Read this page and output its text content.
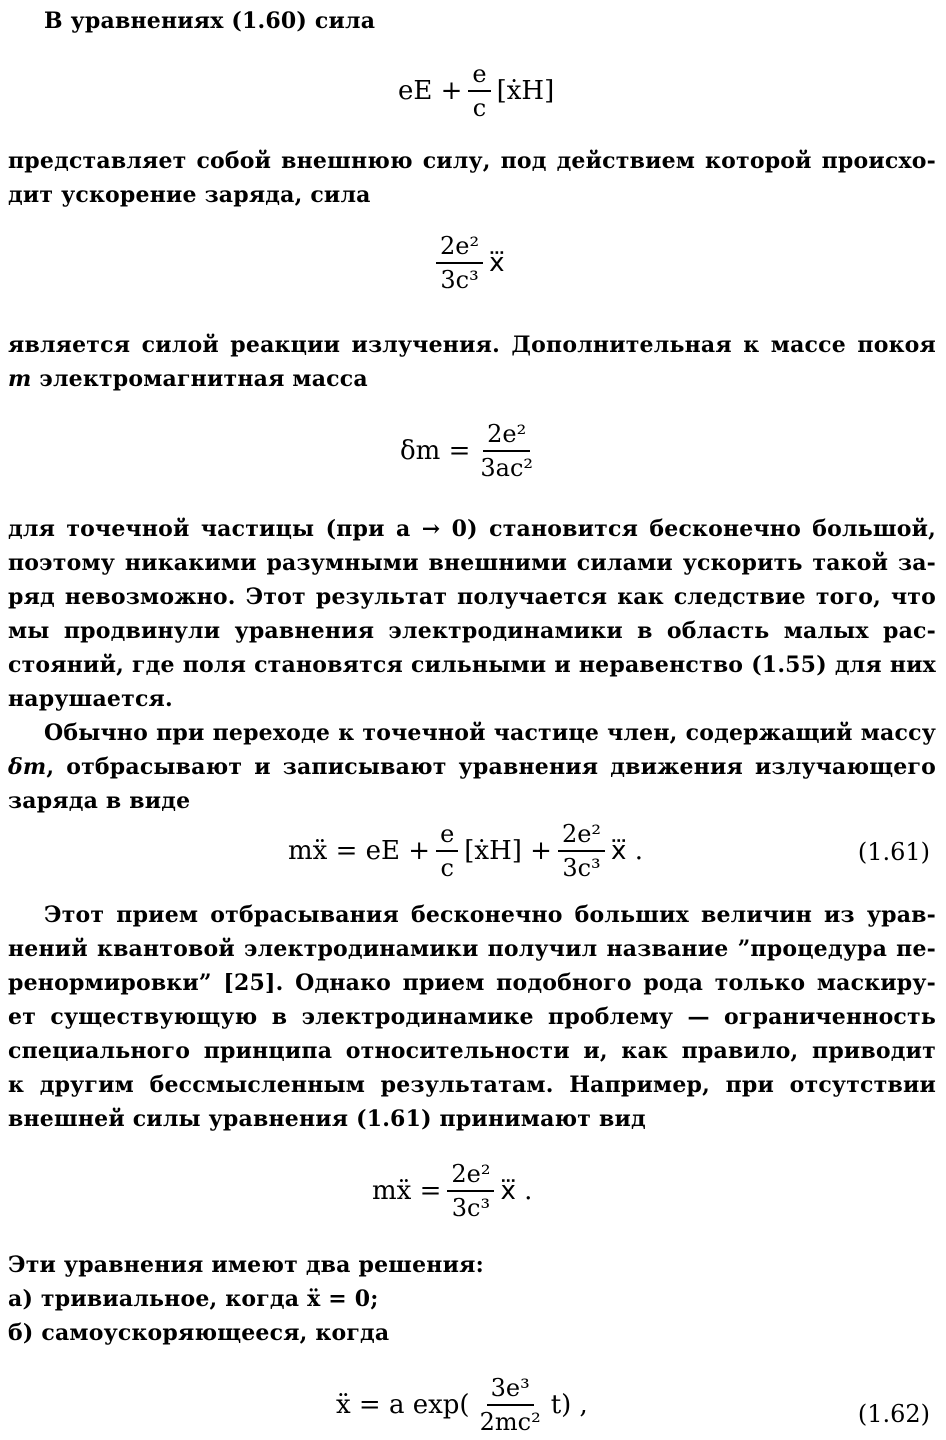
В уравнениях (1.60) сила
eE + $\frac{e}{c}$ [ẋH]
представляет собой внешнюю силу, под действием которой происхо-
дит ускорение заряда, сила
$\frac{\text{2e²}}{\text{3c³}}$ x⃛
является силой реакции излучения. Дополнительная к массе покоя
m электромагнитная масса
$\delta m = \frac{\text{2e²}}{\text{3ac²}}$
для точечной частицы (при a → 0) становится бесконечно большой,
поэтому никакими разумными внешними силами ускорить такой за-
ряд невозможно. Этот результат получается как следствие того, что
мы продвинули уравнения электродинамики в область малых рас-
стояний, где поля становятся сильными и неравенство (1.55) для них
нарушается.
Обычно при переходе к точечной частице член, содержащий массу
δm , отбрасывают и записывают уравнения движения излучающего
заряда в виде
mẍ = eE + $\frac{e}{c}$ [ẋH] + $\frac{\text{2e²}}{\text{3c³}}$ x⃛ .	(1.61)
Этот прием отбрасывания бесконечно больших величин из урав-
нений квантовой электродинамики получил название ”процедура пе-
ренормировки” [25]. Однако прием подобного рода только маскиру-
ет существующую в электродинамике проблему — ограниченность
специального принципа относительности и, как правило, приводит
к другим бессмысленным результатам. Например, при отсутствии
внешней силы уравнения (1.61) принимают вид
mẍ = $\frac{\text{2e²}}{\text{3c³}}$ x⃛ .
Эти уравнения имеют два решения:
а) тривиальное, когда ẍ = 0;
б) самоускоряющееся, когда
ẍ = a $\exp( \frac{\text{3e³}}{\text{2mc²}} t)$ ,	(1.62)
